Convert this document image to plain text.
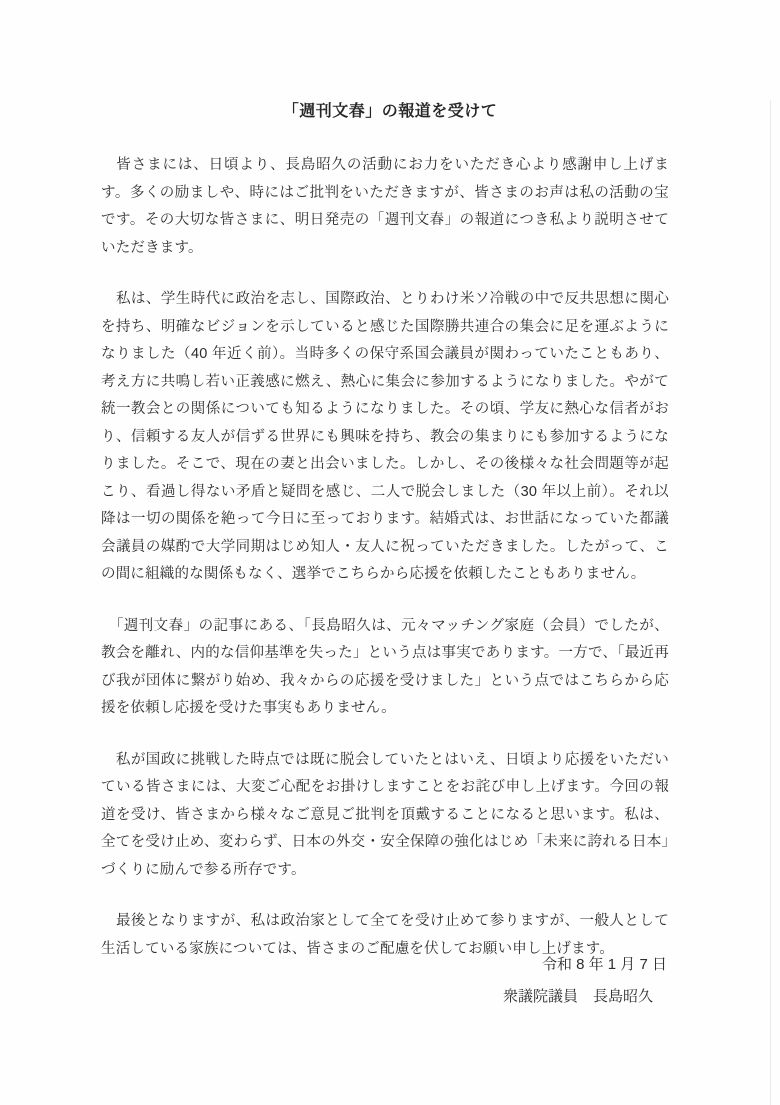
「週刊文春」の報道を受けて

　皆さまには、日頃より、長島昭久の活動にお力をいただき心より感謝申し上げます。多くの励ましや、時にはご批判をいただきますが、皆さまのお声は私の活動の宝です。その大切な皆さまに、明日発売の「週刊文春」の報道につき私より説明させていただきます。

　私は、学生時代に政治を志し、国際政治、とりわけ米ソ冷戦の中で反共思想に関心を持ち、明確なビジョンを示していると感じた国際勝共連合の集会に足を運ぶようになりました（40 年近く前）。当時多くの保守系国会議員が関わっていたこともあり、考え方に共鳴し若い正義感に燃え、熱心に集会に参加するようになりました。やがて統一教会との関係についても知るようになりました。その頃、学友に熱心な信者がおり、信頼する友人が信ずる世界にも興味を持ち、教会の集まりにも参加するようになりました。そこで、現在の妻と出会いました。しかし、その後様々な社会問題等が起こり、看過し得ない矛盾と疑問を感じ、二人で脱会しました（30 年以上前）。それ以降は一切の関係を絶って今日に至っております。結婚式は、お世話になっていた都議会議員の媒酌で大学同期はじめ知人・友人に祝っていただきました。したがって、この間に組織的な関係もなく、選挙でこちらから応援を依頼したこともありません。

　「週刊文春」の記事にある、「長島昭久は、元々マッチング家庭（会員）でしたが、教会を離れ、内的な信仰基準を失った」という点は事実であります。一方で、「最近再び我が団体に繋がり始め、我々からの応援を受けました」という点ではこちらから応援を依頼し応援を受けた事実もありません。

　私が国政に挑戦した時点では既に脱会していたとはいえ、日頃より応援をいただいている皆さまには、大変ご心配をお掛けしますことをお詫び申し上げます。今回の報道を受け、皆さまから様々なご意見ご批判を頂戴することになると思います。私は、全てを受け止め、変わらず、日本の外交・安全保障の強化はじめ「未来に誇れる日本」づくりに励んで参る所存です。

　最後となりますが、私は政治家として全てを受け止めて参りますが、一般人として生活している家族については、皆さまのご配慮を伏してお願い申し上げます。

令和 8 年 1 月 7 日
衆議院議員　長島昭久
